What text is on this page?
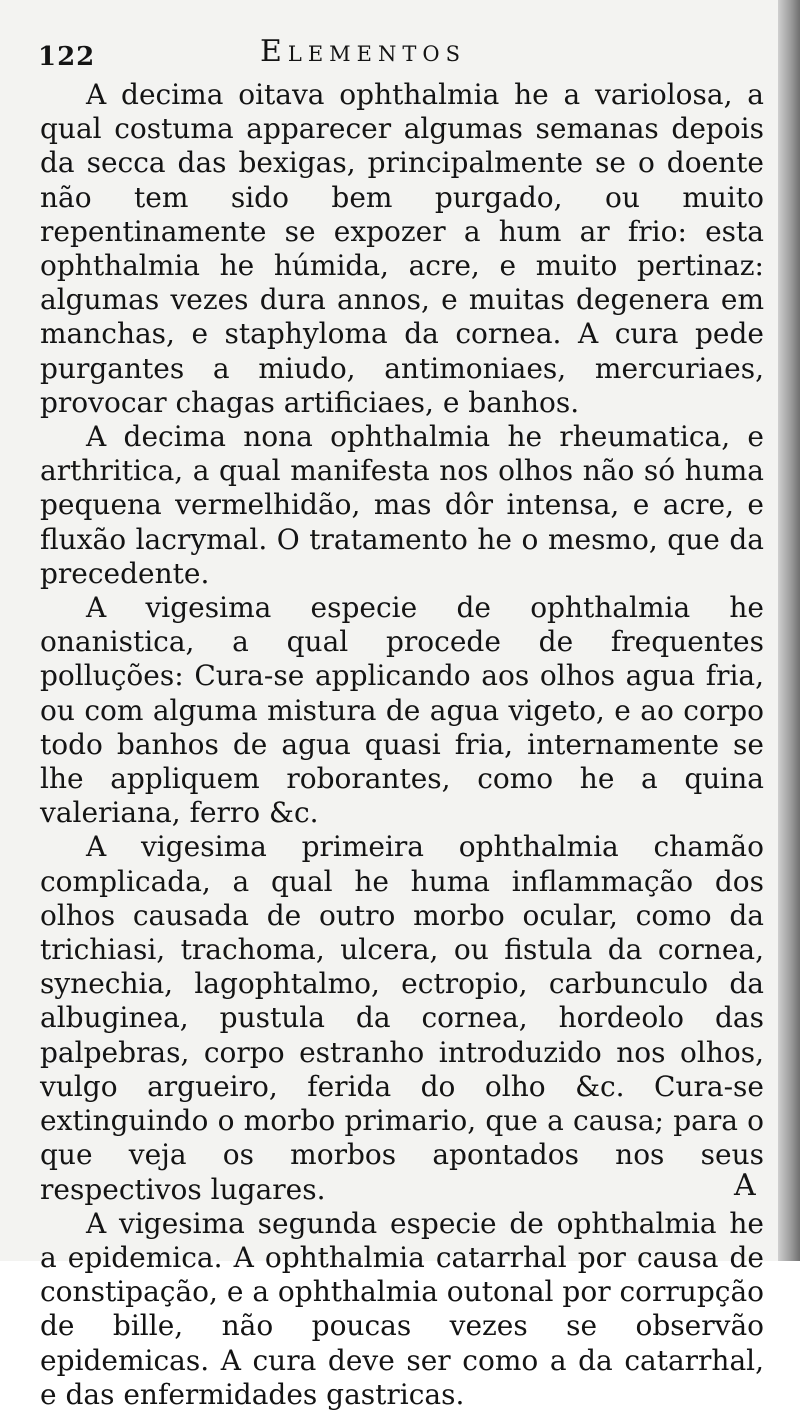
122	Elementos

A decima oitava ophthalmia he a variolosa, a qual costuma apparecer algumas semanas depois da secca das bexigas, principalmente se o doente não tem sido bem purgado, ou muito repentinamente se expozer a hum ar frio: esta ophthalmia he húmida, acre, e muito pertinaz: algumas vezes dura annos, e muitas degenera em manchas, e staphyloma da cornea. A cura pede purgantes a miudo, antimoniaes, mercuriaes, provocar chagas artificiaes, e banhos.

A decima nona ophthalmia he rheumatica, e arthritica, a qual manifesta nos olhos não só huma pequena vermelhidão, mas dôr intensa, e acre, e fluxão lacrymal. O tratamento he o mesmo, que da precedente.

A vigesima especie de ophthalmia he onanistica, a qual procede de frequentes polluções: Cura-se applicando aos olhos agua fria, ou com alguma mistura de agua vigeto, e ao corpo todo banhos de agua quasi fria, internamente se lhe appliquem roborantes, como he a quina valeriana, ferro &c.

A vigesima primeira ophthalmia chamão complicada, a qual he huma inflammação dos olhos causada de outro morbo ocular, como da trichiasi, trachoma, ulcera, ou fistula da cornea, synechia, lagophtalmo, ectropio, carbunculo da albuginea, pustula da cornea, hordeolo das palpebras, corpo estranho introduzido nos olhos, vulgo argueiro, ferida do olho &c. Cura-se extinguindo o morbo primario, que a causa; para o que veja os morbos apontados nos seus respectivos lugares.

A vigesima segunda especie de ophthalmia he a epidemica. A ophthalmia catarrhal por causa de constipação, e a ophthalmia outonal por corrupção de bille, não poucas vezes se observão epidemicas. A cura deve ser como a da catarrhal, e das enfermidades gastricas.

A
